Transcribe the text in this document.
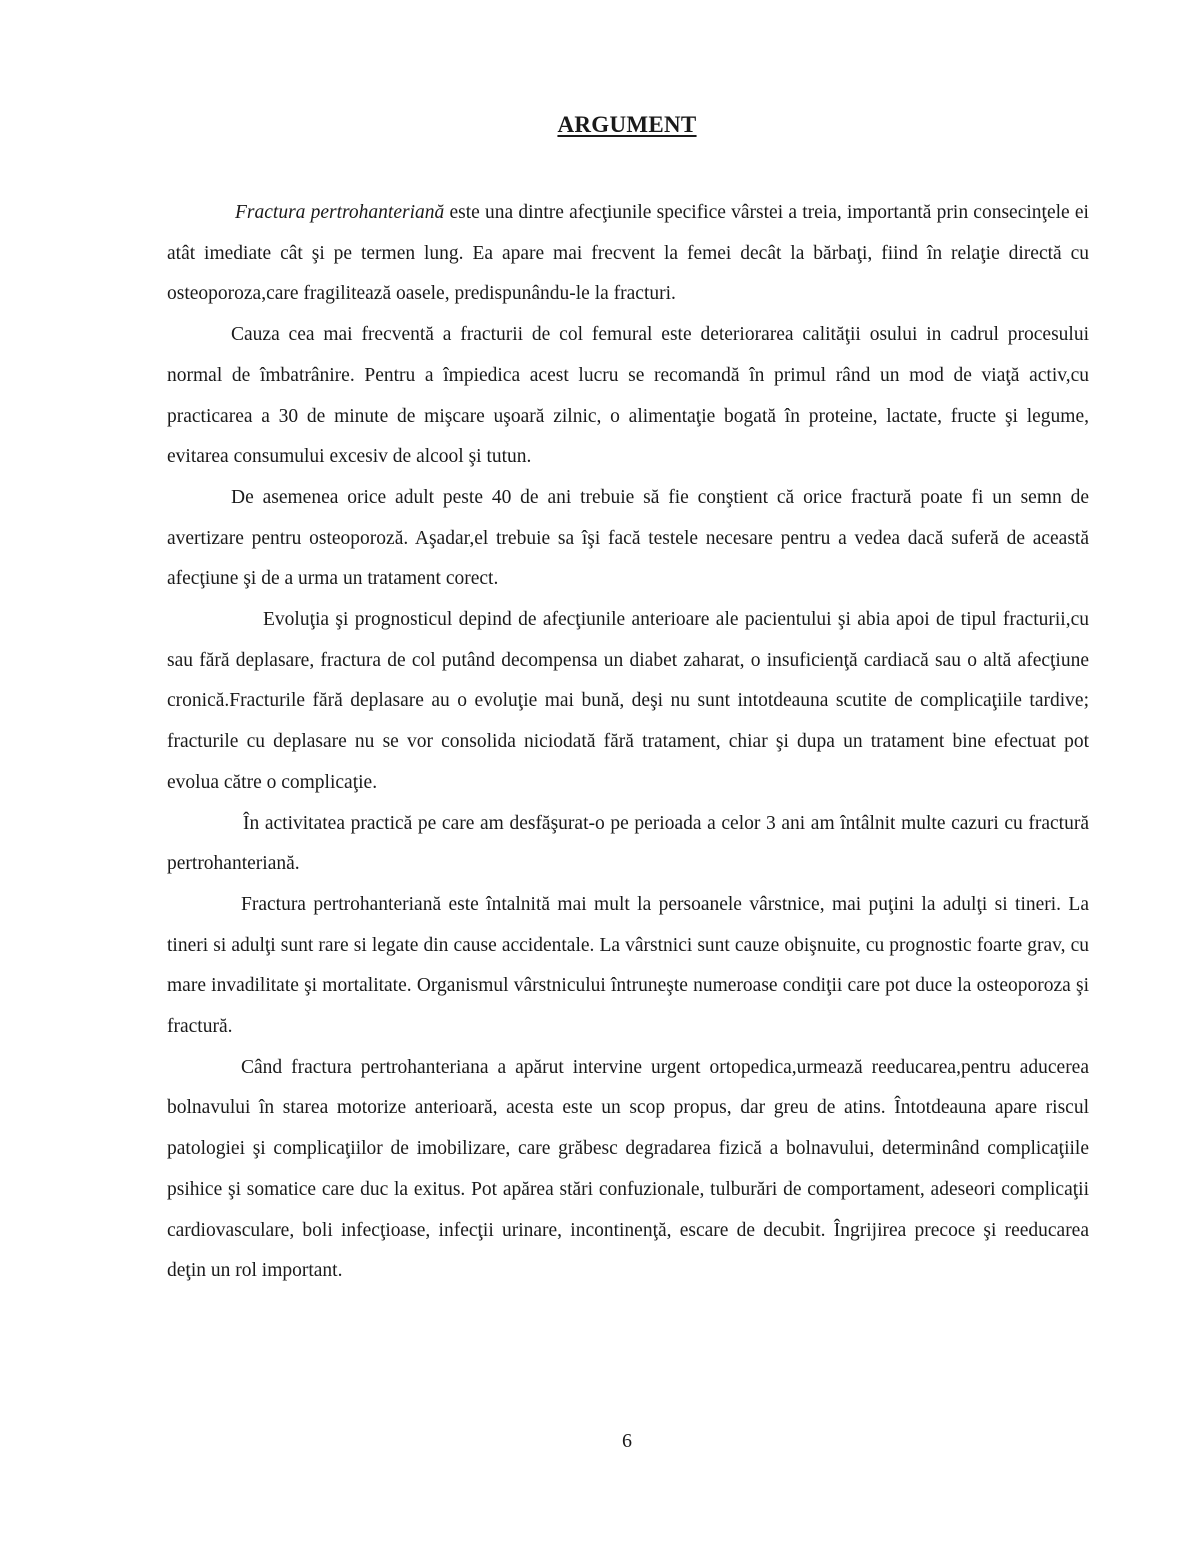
ARGUMENT

Fractura pertrohanteriană este una dintre afecţiunile specifice vârstei a treia, importantă prin consecinţele ei atât imediate cât şi pe termen lung. Ea apare mai frecvent la femei decât la bărbaţi, fiind în relaţie directă cu osteoporoza,care fragilitează oasele, predispunându-le la fracturi.

Cauza cea mai frecventă a fracturii de col femural este deteriorarea calităţii osului in cadrul procesului normal de îmbatrânire. Pentru a împiedica acest lucru se recomandă în primul rând un mod de viaţă activ,cu practicarea a 30 de minute de mişcare uşoară zilnic, o alimentaţie bogată în proteine, lactate, fructe şi legume, evitarea consumului excesiv de alcool şi tutun.

De asemenea orice adult peste 40 de ani trebuie să fie conştient că orice fractură poate fi un semn de avertizare pentru osteoporoză. Aşadar,el trebuie sa îşi facă testele necesare pentru a vedea dacă suferă de această afecţiune şi de a urma un tratament corect.

Evoluţia şi prognosticul depind de afecţiunile anterioare ale pacientului şi abia apoi de tipul fracturii,cu sau fără deplasare, fractura de col putând decompensa un diabet zaharat, o insuficienţă cardiacă sau o altă afecţiune cronică.Fracturile fără deplasare au o evoluţie mai bună, deşi nu sunt intotdeauna scutite de complicaţiile tardive; fracturile cu deplasare nu se vor consolida niciodată fără tratament, chiar şi dupa un tratament bine efectuat pot evolua către o complicaţie.

În activitatea practică pe care am desfăşurat-o pe perioada a celor 3 ani am întâlnit multe cazuri cu fractură pertrohanteriană.

Fractura pertrohanteriană este întalnită mai mult la persoanele vârstnice, mai puţini la adulţi si tineri. La tineri si adulţi sunt rare si legate din cause accidentale. La vârstnici sunt cauze obişnuite, cu prognostic foarte grav, cu mare invadilitate şi mortalitate. Organismul vârstnicului întruneşte numeroase condiţii care pot duce la osteoporoza şi fractură.

Când fractura pertrohanteriana a apărut intervine urgent ortopedica,urmează reeducarea,pentru aducerea bolnavului în starea motorize anterioară, acesta este un scop propus, dar greu de atins. Întotdeauna apare riscul patologiei şi complicaţiilor de imobilizare, care grăbesc degradarea fizică a bolnavului, determinând complicaţiile psihice şi somatice care duc la exitus. Pot apărea stări confuzionale, tulburări de comportament, adeseori complicaţii cardiovasculare, boli infecţioase, infecţii urinare, incontinenţă, escare de decubit. Îngrijirea precoce şi reeducarea deţin un rol important.

6
